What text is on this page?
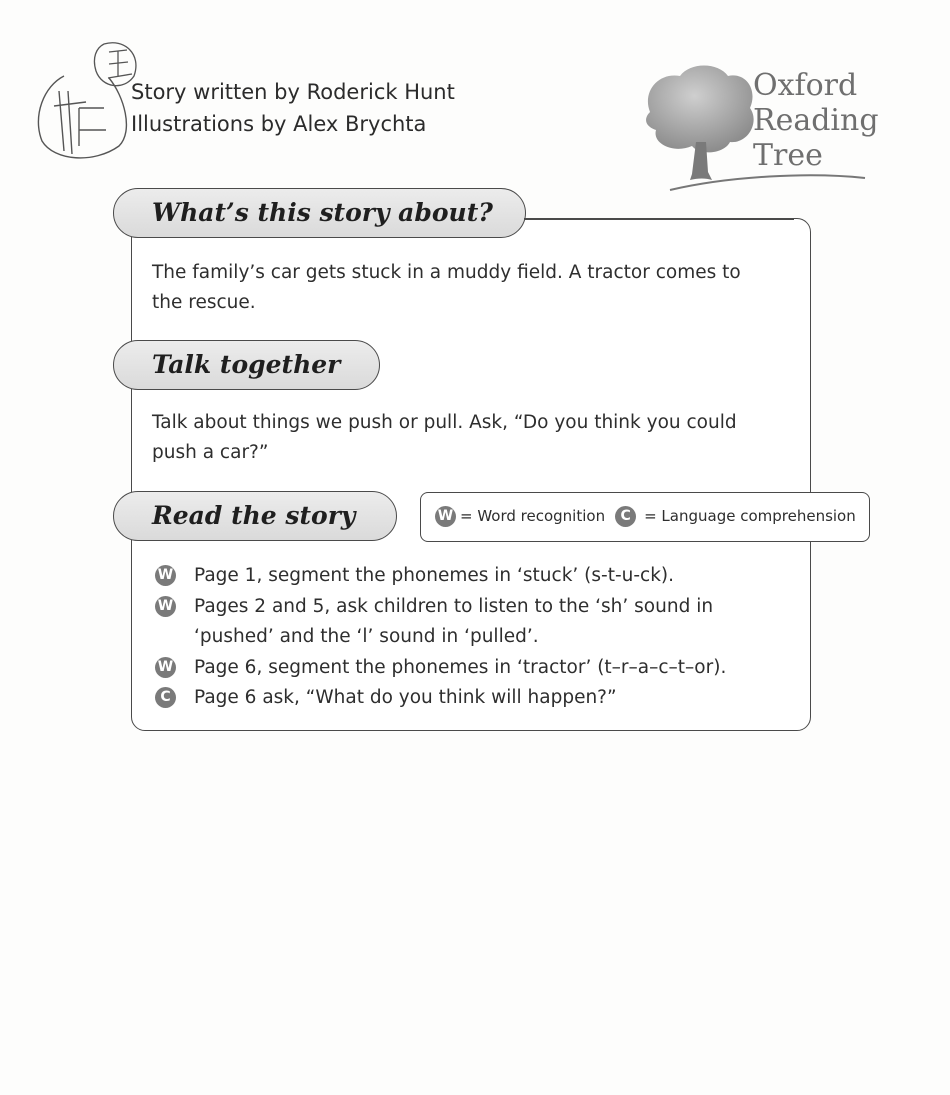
Story written by Roderick Hunt
Illustrations by Alex Brychta
Oxford
Reading
Tree
What’s this story about?
The family’s car gets stuck in a muddy field. A tractor comes to the rescue.
Talk together
Talk about things we push or pull. Ask, “Do you think you could push a car?”
Read the story	W = Word recognition C = Language comprehension
W Page 1, segment the phonemes in ‘stuck’ (s-t-u-ck).
W Pages 2 and 5, ask children to listen to the ‘sh’ sound in ‘pushed’ and the ‘l’ sound in ‘pulled’.
W Page 6, segment the phonemes in ‘tractor’ (t–r–a–c–t–or).
C Page 6 ask, “What do you think will happen?”
